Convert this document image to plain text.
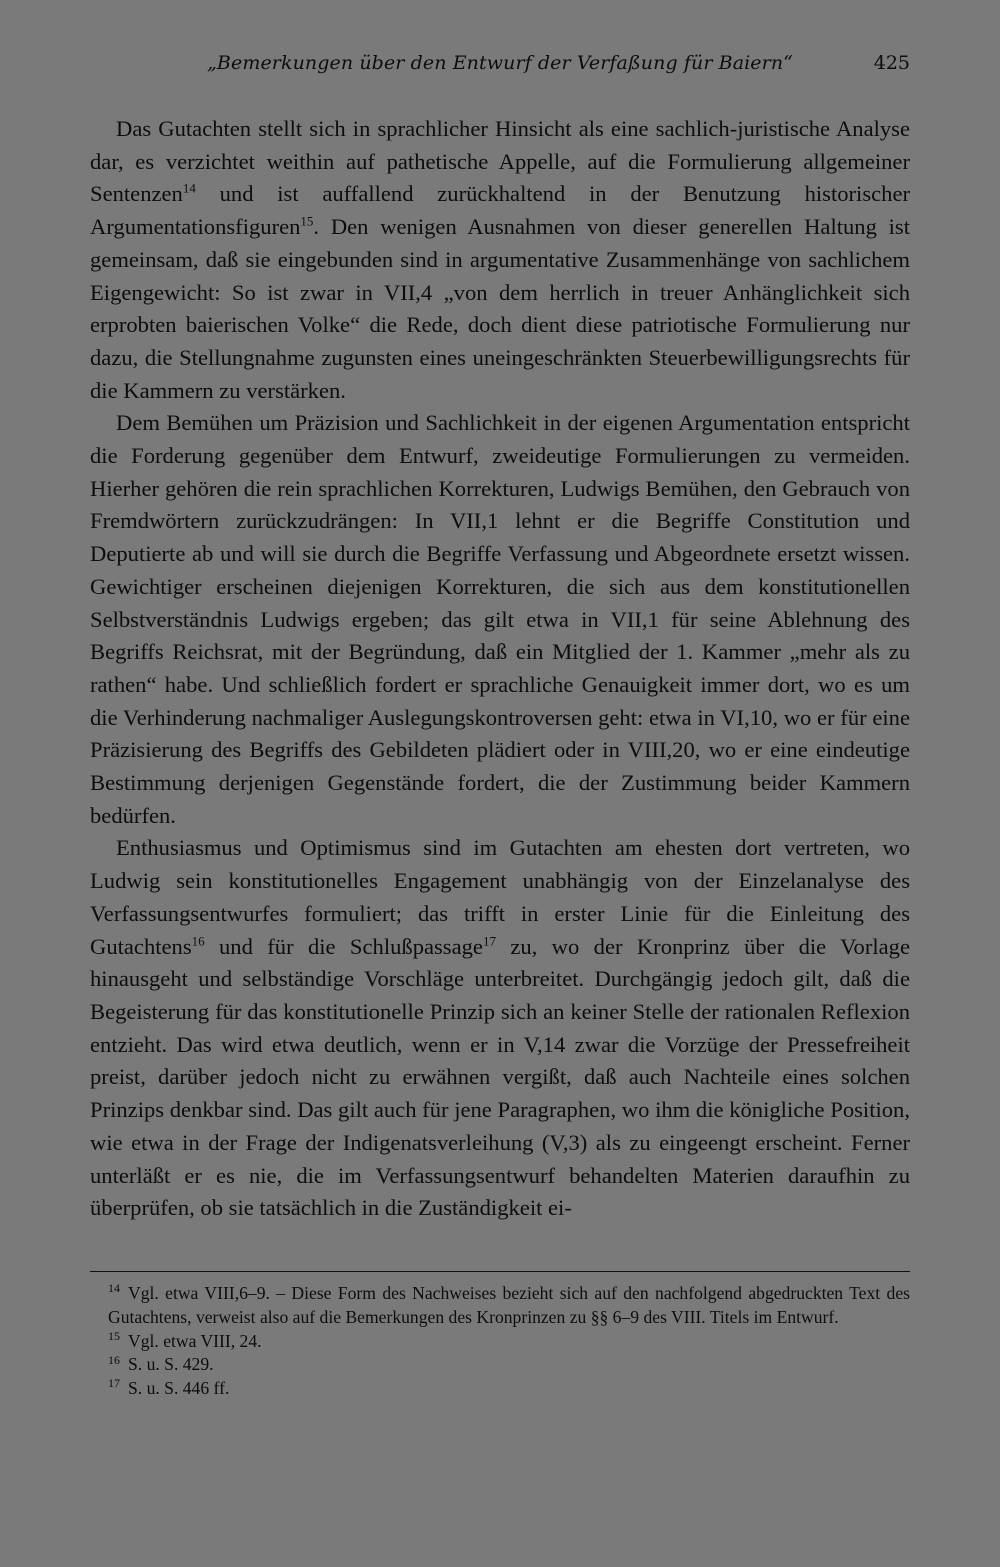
„Bemerkungen über den Entwurf der Verfaßung für Baiern“	425

Das Gutachten stellt sich in sprachlicher Hinsicht als eine sachlich-juristische Analyse dar, es verzichtet weithin auf pathetische Appelle, auf die Formulierung allgemeiner Sentenzen$^{14}$ und ist auffallend zurückhaltend in der Benutzung historischer Argumentationsfiguren$^{15}$. Den wenigen Ausnahmen von dieser generellen Haltung ist gemeinsam, daß sie eingebunden sind in argumentative Zusammenhänge von sachlichem Eigengewicht: So ist zwar in VII,4 „von dem herrlich in treuer Anhänglichkeit sich erprobten baierischen Volke“ die Rede, doch dient diese patriotische Formulierung nur dazu, die Stellungnahme zugunsten eines uneingeschränkten Steuerbewilligungsrechts für die Kammern zu verstärken.

Dem Bemühen um Präzision und Sachlichkeit in der eigenen Argumentation entspricht die Forderung gegenüber dem Entwurf, zweideutige Formulierungen zu vermeiden. Hierher gehören die rein sprachlichen Korrekturen, Ludwigs Bemühen, den Gebrauch von Fremdwörtern zurückzudrängen: In VII,1 lehnt er die Begriffe Constitution und Deputierte ab und will sie durch die Begriffe Verfassung und Abgeordnete ersetzt wissen. Gewichtiger erscheinen diejenigen Korrekturen, die sich aus dem konstitutionellen Selbstverständnis Ludwigs ergeben; das gilt etwa in VII,1 für seine Ablehnung des Begriffs Reichsrat, mit der Begründung, daß ein Mitglied der 1. Kammer „mehr als zu rathen“ habe. Und schließlich fordert er sprachliche Genauigkeit immer dort, wo es um die Verhinderung nachmaliger Auslegungskontroversen geht: etwa in VI,10, wo er für eine Präzisierung des Begriffs des Gebildeten plädiert oder in VIII,20, wo er eine eindeutige Bestimmung derjenigen Gegenstände fordert, die der Zustimmung beider Kammern bedürfen.

Enthusiasmus und Optimismus sind im Gutachten am ehesten dort vertreten, wo Ludwig sein konstitutionelles Engagement unabhängig von der Einzelanalyse des Verfassungsentwurfes formuliert; das trifft in erster Linie für die Einleitung des Gutachtens$^{16}$ und für die Schlußpassage$^{17}$ zu, wo der Kronprinz über die Vorlage hinausgeht und selbständige Vorschläge unterbreitet. Durchgängig jedoch gilt, daß die Begeisterung für das konstitutionelle Prinzip sich an keiner Stelle der rationalen Reflexion entzieht. Das wird etwa deutlich, wenn er in V,14 zwar die Vorzüge der Pressefreiheit preist, darüber jedoch nicht zu erwähnen vergißt, daß auch Nachteile eines solchen Prinzips denkbar sind. Das gilt auch für jene Paragraphen, wo ihm die königliche Position, wie etwa in der Frage der Indigenatsverleihung (V,3) als zu eingeengt erscheint. Ferner unterläßt er es nie, die im Verfassungsentwurf behandelten Materien daraufhin zu überprüfen, ob sie tatsächlich in die Zuständigkeit ei-

$^{14}$ Vgl. etwa VIII,6–9. – Diese Form des Nachweises bezieht sich auf den nachfolgend abgedruckten Text des Gutachtens, verweist also auf die Bemerkungen des Kronprinzen zu §§ 6–9 des VIII. Titels im Entwurf.

$^{15}$ Vgl. etwa VIII, 24.

$^{16}$ S. u. S. 429.

$^{17}$ S. u. S. 446 ff.
